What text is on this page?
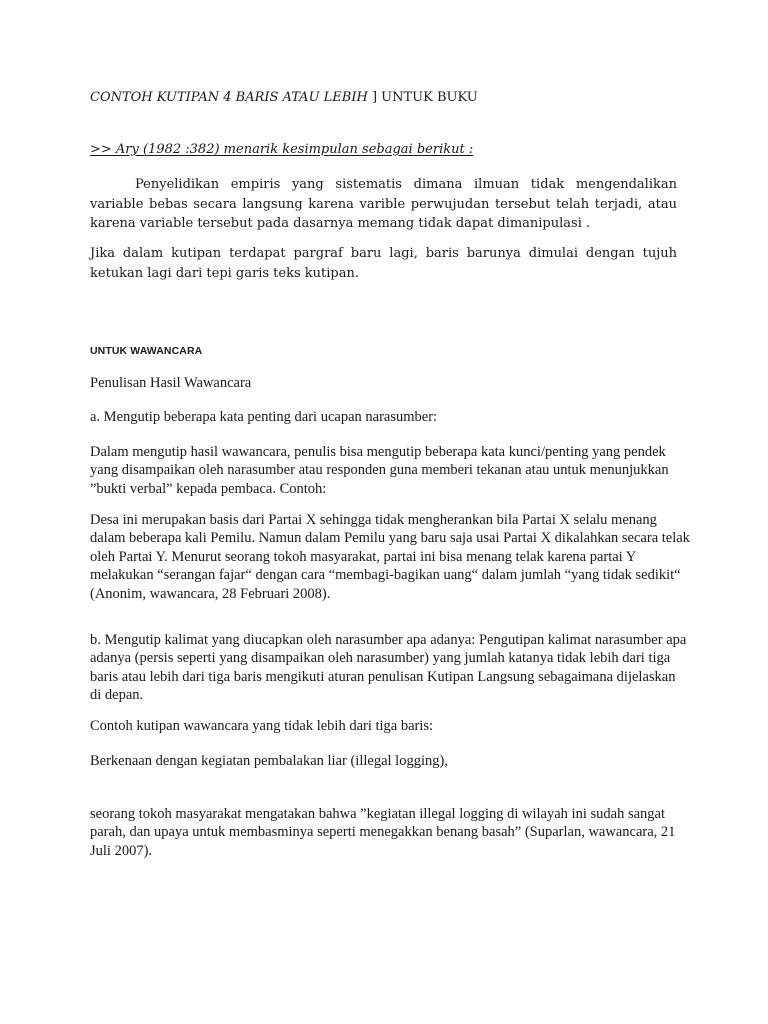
CONTOH KUTIPAN 4 BARIS ATAU LEBIH ] UNTUK BUKU
>> Ary (1982 :382) menarik kesimpulan sebagai berikut :

Penyelidikan empiris yang sistematis dimana ilmuan tidak mengendalikan variable bebas secara langsung karena varible perwujudan tersebut telah terjadi, atau karena variable tersebut pada dasarnya memang tidak dapat dimanipulasi .

Jika dalam kutipan terdapat pargraf baru lagi, baris barunya dimulai dengan tujuh ketukan lagi dari tepi garis teks kutipan.

UNTUK WAWANCARA

Penulisan Hasil Wawancara

a. Mengutip beberapa kata penting dari ucapan narasumber:

Dalam mengutip hasil wawancara, penulis bisa mengutip beberapa kata kunci/penting yang pendek yang disampaikan oleh narasumber atau responden guna memberi tekanan atau untuk menunjukkan ”bukti verbal” kepada pembaca. Contoh:

Desa ini merupakan basis dari Partai X sehingga tidak mengherankan bila Partai X selalu menang dalam beberapa kali Pemilu. Namun dalam Pemilu yang baru saja usai Partai X dikalahkan secara telak oleh Partai Y. Menurut seorang tokoh masyarakat, partai ini bisa menang telak karena partai Y melakukan “serangan fajar“ dengan cara “membagi-bagikan uang“ dalam jumlah “yang tidak sedikit“ (Anonim, wawancara, 28 Februari 2008).

b. Mengutip kalimat yang diucapkan oleh narasumber apa adanya: Pengutipan kalimat narasumber apa adanya (persis seperti yang disampaikan oleh narasumber) yang jumlah katanya tidak lebih dari tiga baris atau lebih dari tiga baris mengikuti aturan penulisan Kutipan Langsung sebagaimana dijelaskan di depan.

Contoh kutipan wawancara yang tidak lebih dari tiga baris:

Berkenaan dengan kegiatan pembalakan liar (illegal logging),

seorang tokoh masyarakat mengatakan bahwa ”kegiatan illegal logging di wilayah ini sudah sangat parah, dan upaya untuk membasminya seperti menegakkan benang basah” (Suparlan, wawancara, 21 Juli 2007).
